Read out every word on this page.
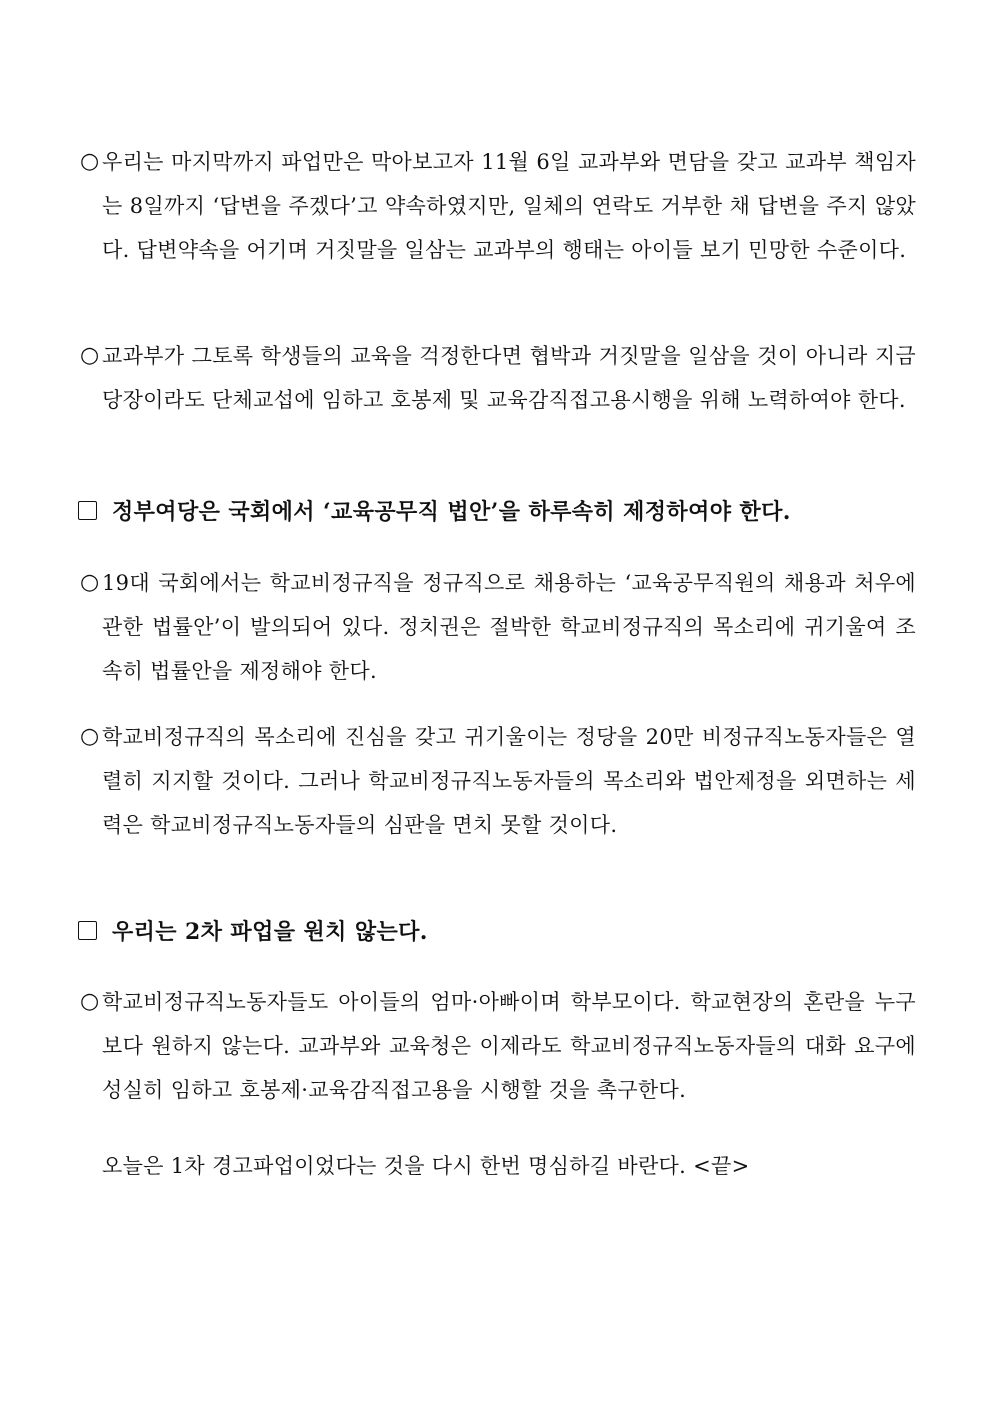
○ 우리는 마지막까지 파업만은 막아보고자 11월 6일 교과부와 면담을 갖고 교과부 책임자는 8일까지 ‘답변을 주겠다’고 약속하였지만, 일체의 연락도 거부한 채 답변을 주지 않았다. 답변약속을 어기며 거짓말을 일삼는 교과부의 행태는 아이들 보기 민망한 수준이다.
○ 교과부가 그토록 학생들의 교육을 걱정한다면 협박과 거짓말을 일삼을 것이 아니라 지금 당장이라도 단체교섭에 임하고 호봉제 및 교육감직접고용시행을 위해 노력하여야 한다.
정부여당은 국회에서 ‘교육공무직 법안’을 하루속히 제정하여야 한다.
○ 19대 국회에서는 학교비정규직을 정규직으로 채용하는 ‘교육공무직원의 채용과 처우에 관한 법률안’이 발의되어 있다. 정치권은 절박한 학교비정규직의 목소리에 귀기울여 조속히 법률안을 제정해야 한다.
○ 학교비정규직의 목소리에 진심을 갖고 귀기울이는 정당을 20만 비정규직노동자들은 열렬히 지지할 것이다. 그러나 학교비정규직노동자들의 목소리와 법안제정을 외면하는 세력은 학교비정규직노동자들의 심판을 면치 못할 것이다.
우리는 2차 파업을 원치 않는다.
○ 학교비정규직노동자들도 아이들의 엄마·아빠이며 학부모이다. 학교현장의 혼란을 누구보다 원하지 않는다. 교과부와 교육청은 이제라도 학교비정규직노동자들의 대화 요구에 성실히 임하고 호봉제·교육감직접고용을 시행할 것을 촉구한다.
오늘은 1차 경고파업이었다는 것을 다시 한번 명심하길 바란다. <끝>
